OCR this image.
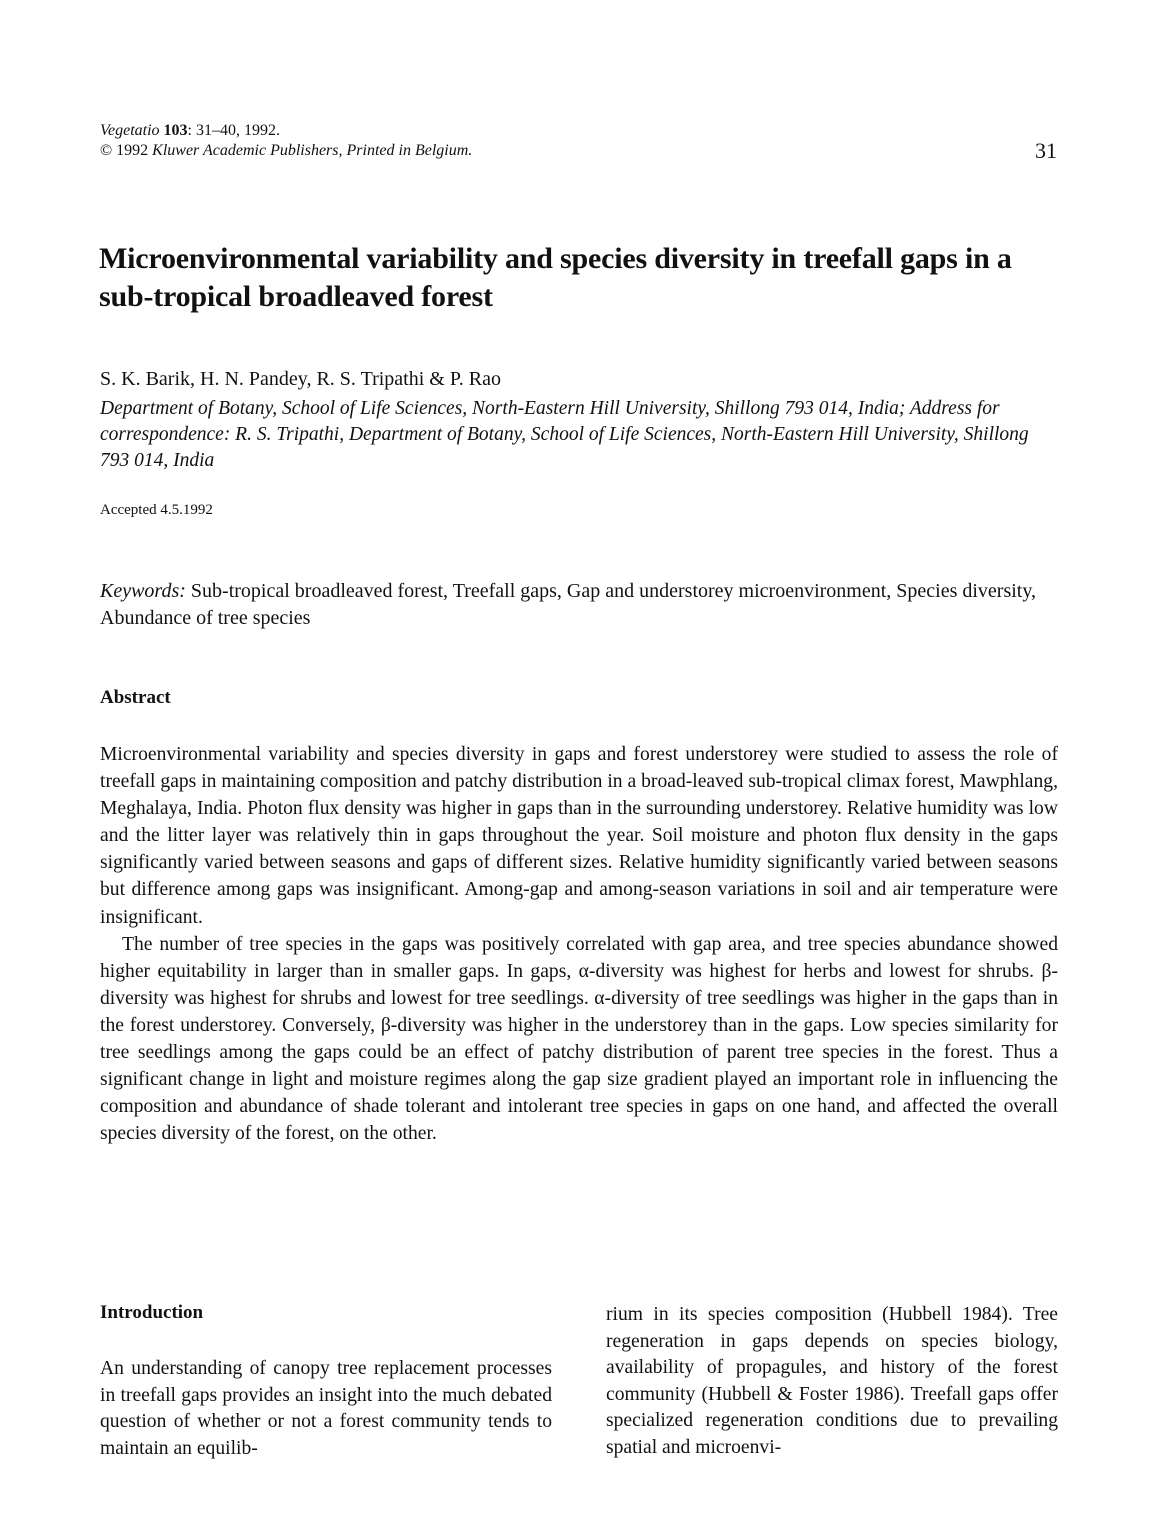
Vegetatio 103: 31–40, 1992.
© 1992 Kluwer Academic Publishers, Printed in Belgium.	31
Microenvironmental variability and species diversity in treefall gaps in a sub-tropical broadleaved forest
S. K. Barik, H. N. Pandey, R. S. Tripathi & P. Rao
Department of Botany, School of Life Sciences, North-Eastern Hill University, Shillong 793 014, India; Address for correspondence: R. S. Tripathi, Department of Botany, School of Life Sciences, North-Eastern Hill University, Shillong 793 014, India
Accepted 4.5.1992
Keywords: Sub-tropical broadleaved forest, Treefall gaps, Gap and understorey microenvironment, Species diversity, Abundance of tree species
Abstract

Microenvironmental variability and species diversity in gaps and forest understorey were studied to assess the role of treefall gaps in maintaining composition and patchy distribution in a broad-leaved sub-tropical climax forest, Mawphlang, Meghalaya, India. Photon flux density was higher in gaps than in the surrounding understorey. Relative humidity was low and the litter layer was relatively thin in gaps throughout the year. Soil moisture and photon flux density in the gaps significantly varied between seasons and gaps of different sizes. Relative humidity significantly varied between seasons but difference among gaps was insignificant. Among-gap and among-season variations in soil and air temperature were insignificant.

The number of tree species in the gaps was positively correlated with gap area, and tree species abundance showed higher equitability in larger than in smaller gaps. In gaps, α-diversity was highest for herbs and lowest for shrubs. β-diversity was highest for shrubs and lowest for tree seedlings. α-diversity of tree seedlings was higher in the gaps than in the forest understorey. Conversely, β-diversity was higher in the understorey than in the gaps. Low species similarity for tree seedlings among the gaps could be an effect of patchy distribution of parent tree species in the forest. Thus a significant change in light and moisture regimes along the gap size gradient played an important role in influencing the composition and abundance of shade tolerant and intolerant tree species in gaps on one hand, and affected the overall species diversity of the forest, on the other.

Introduction

An understanding of canopy tree replacement processes in treefall gaps provides an insight into the much debated question of whether or not a forest community tends to maintain an equilib-

rium in its species composition (Hubbell 1984). Tree regeneration in gaps depends on species biology, availability of propagules, and history of the forest community (Hubbell & Foster 1986). Treefall gaps offer specialized regeneration conditions due to prevailing spatial and microenvi-
